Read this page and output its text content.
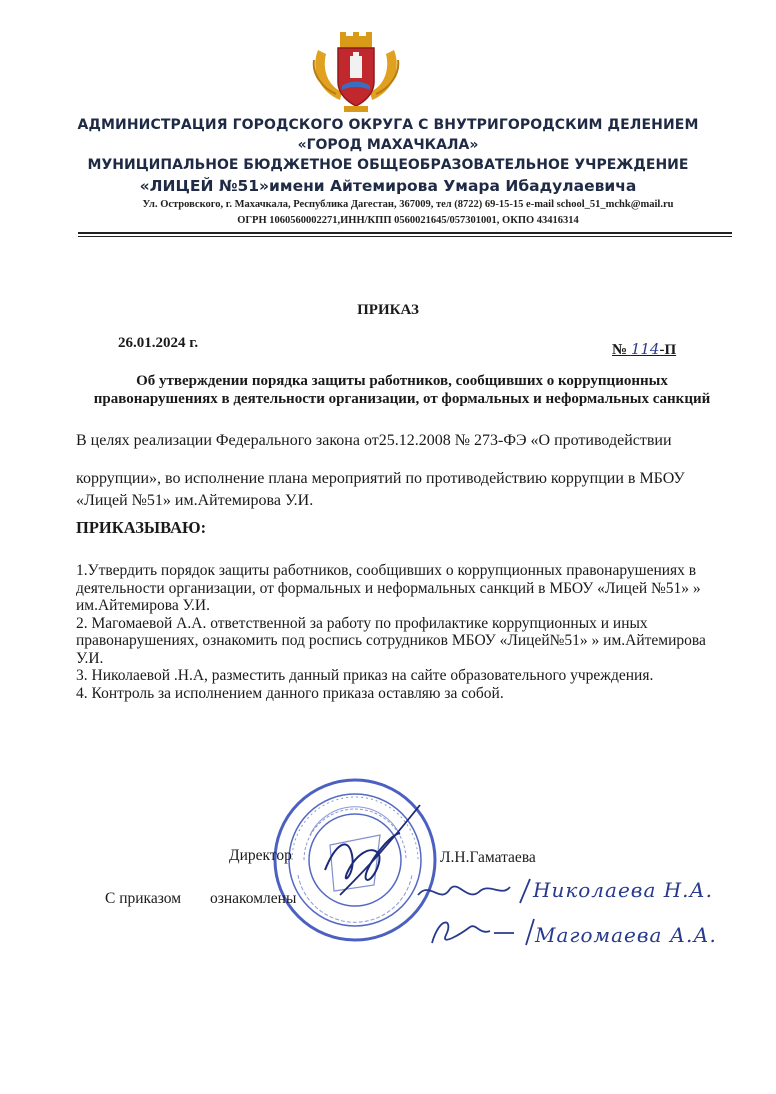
АДМИНИСТРАЦИЯ ГОРОДСКОГО ОКРУГА С ВНУТРИГОРОДСКИМ ДЕЛЕНИЕМ
«ГОРОД МАХАЧКАЛА»
МУНИЦИПАЛЬНОЕ БЮДЖЕТНОЕ ОБЩЕОБРАЗОВАТЕЛЬНОЕ УЧРЕЖДЕНИЕ
«ЛИЦЕЙ №51»имени Айтемирова Умара Ибадулаевича
Ул. Островского, г. Махачкала, Республика Дагестан, 367009, тел (8722) 69-15-15 e-mail school_51_mchk@mail.ru
ОГРН 1060560002271,ИНН/КПП 0560021645/057301001, ОКПО 43416314
ПРИКАЗ
26.01.2024 г.	№ 114-П
Об утверждении порядка защиты работников, сообщивших о коррупционных правонарушениях в деятельности организации, от формальных и неформальных санкций
В целях реализации Федерального закона от25.12.2008 № 273-ФЭ «О противодействии
коррупции», во исполнение плана мероприятий по противодействию коррупции в МБОУ «Лицей №51» им.Айтемирова У.И.
ПРИКАЗЫВАЮ:
1.Утвердить порядок защиты работников, сообщивших о коррупционных правонарушениях в деятельности организации, от формальных и неформальных санкций в МБОУ «Лицей №51» » им.Айтемирова У.И.
2. Магомаевой А.А. ответственной за работу по профилактике коррупционных и иных правонарушениях, ознакомить под роспись сотрудников МБОУ «Лицей№51» » им.Айтемирова У.И.
3. Николаевой .Н.А, разместить данный приказ на сайте образовательного учреждения.
4. Контроль за исполнением данного приказа оставляю за собой.
Директор	Л.Н.Гаматаева
С приказом ознакомлены	Николаева Н.А.
Магомаева А.А.
